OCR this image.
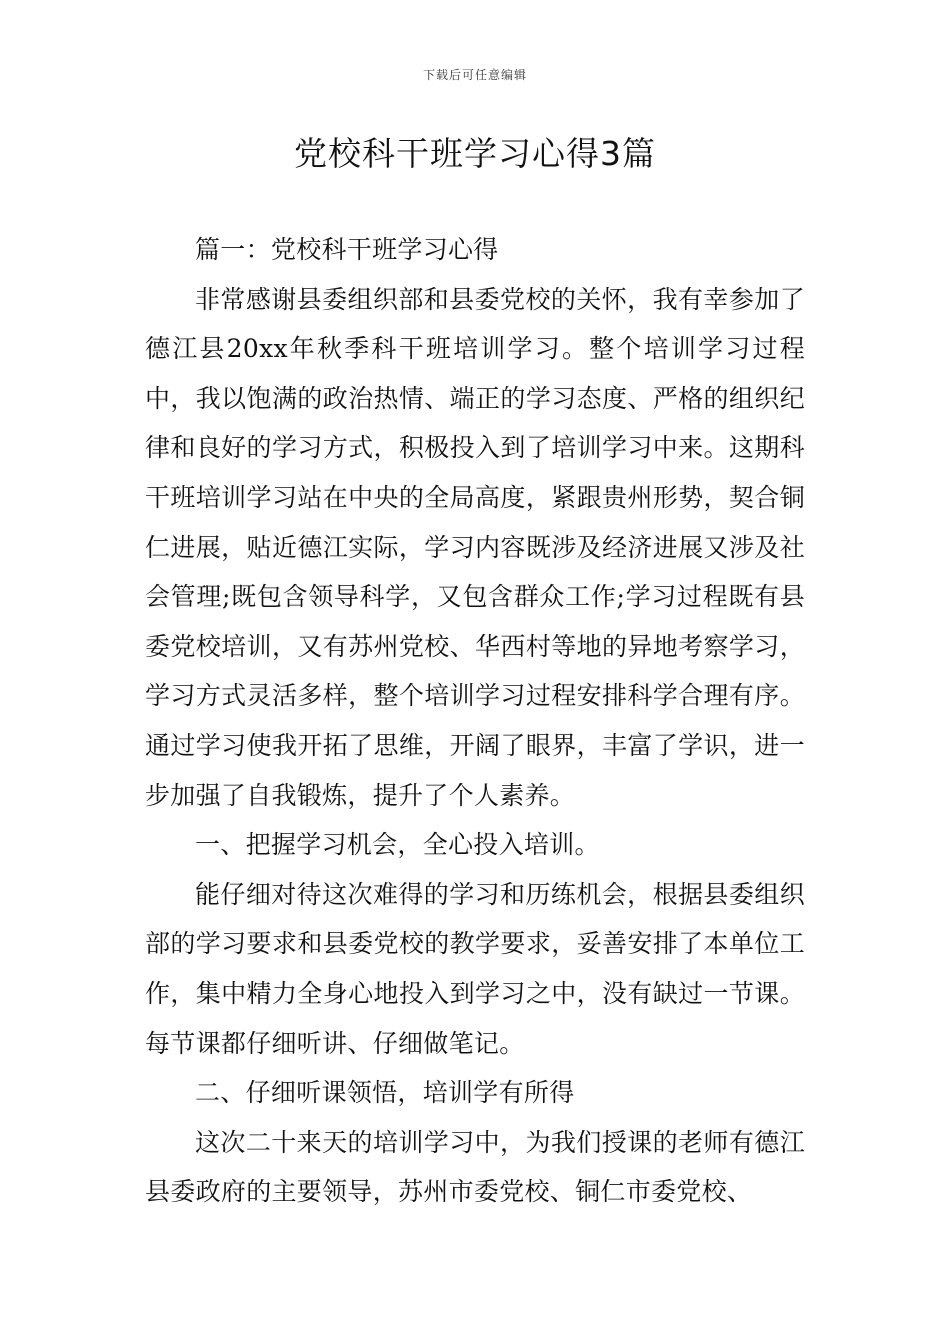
下载后可任意编辑
党校科干班学习心得3篇

篇一：党校科干班学习心得

非常感谢县委组织部和县委党校的关怀，我有幸参加了德江县20xx年秋季科干班培训学习。整个培训学习过程中，我以饱满的政治热情、端正的学习态度、严格的组织纪律和良好的学习方式，积极投入到了培训学习中来。这期科干班培训学习站在中央的全局高度，紧跟贵州形势，契合铜仁进展，贴近德江实际，学习内容既涉及经济进展又涉及社会管理;既包含领导科学，又包含群众工作;学习过程既有县委党校培训，又有苏州党校、华西村等地的异地考察学习，学习方式灵活多样，整个培训学习过程安排科学合理有序。通过学习使我开拓了思维，开阔了眼界，丰富了学识，进一步加强了自我锻炼，提升了个人素养。

一、把握学习机会，全心投入培训。

能仔细对待这次难得的学习和历练机会，根据县委组织部的学习要求和县委党校的教学要求，妥善安排了本单位工作，集中精力全身心地投入到学习之中，没有缺过一节课。每节课都仔细听讲、仔细做笔记。

二、仔细听课领悟，培训学有所得

这次二十来天的培训学习中，为我们授课的老师有德江县委政府的主要领导，苏州市委党校、铜仁市委党校、
